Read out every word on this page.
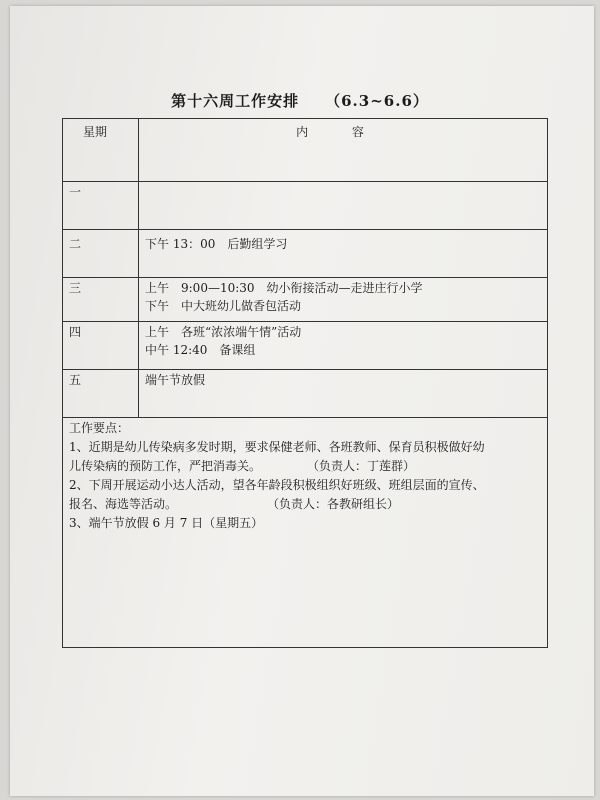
第十六周工作安排 （6.3~6.6）
星期	内 容
一
二	下午 13：00　后勤组学习
三	上午　9:00—10:30　幼小衔接活动—走进庄行小学
下午　中大班幼儿做香包活动
四	上午　各班“浓浓端午情”活动
中午 12:40　备课组
五	端午节放假
工作要点：
1、近期是幼儿传染病多发时期，要求保健老师、各班教师、保育员积极做好幼
儿传染病的预防工作，严把消毒关。	（负责人：丁莲群）
2、下周开展运动小达人活动，望各年龄段积极组织好班级、班组层面的宣传、
报名、海选等活动。	（负责人：各教研组长）
3、端午节放假 6 月 7 日（星期五）
